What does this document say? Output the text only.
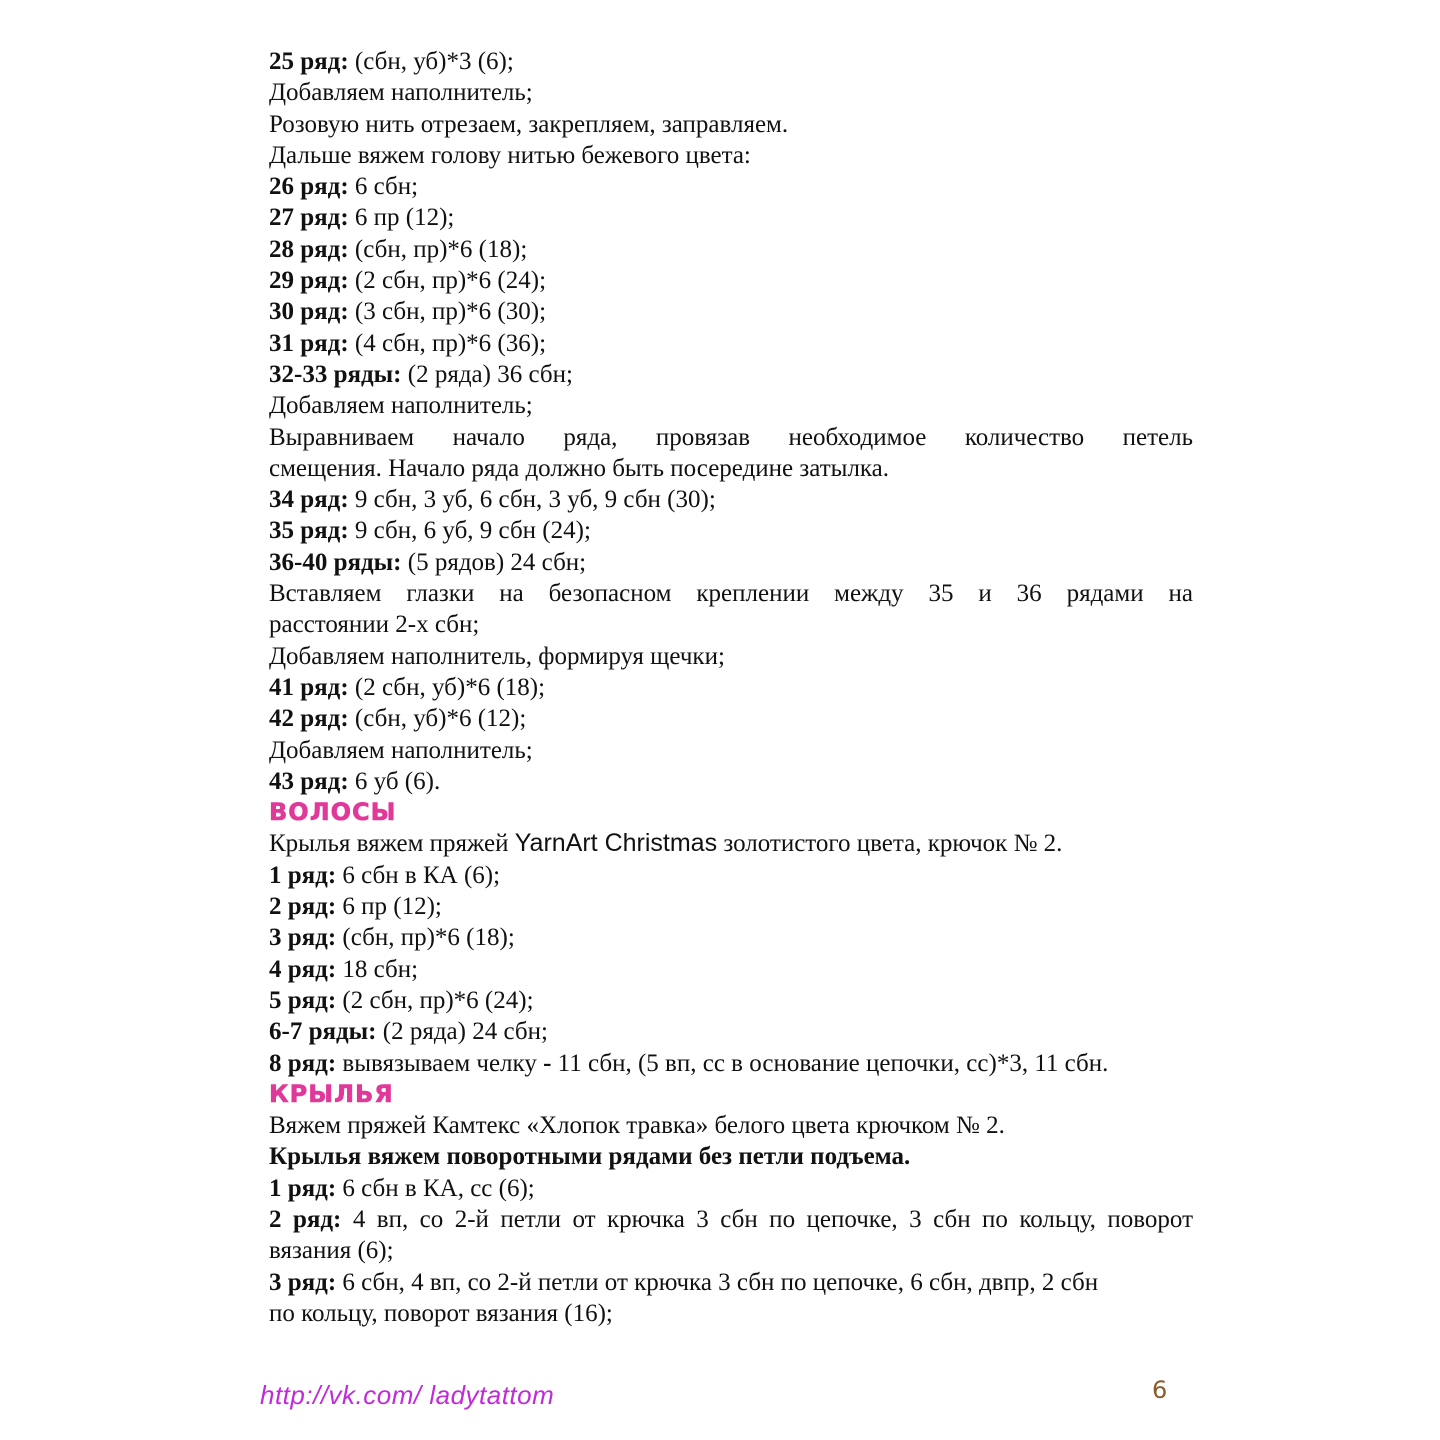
25 ряд: (сбн, уб)*3 (6);
Добавляем наполнитель;
Розовую нить отрезаем, закрепляем, заправляем.
Дальше вяжем голову нитью бежевого цвета:
26 ряд: 6 сбн;
27 ряд: 6 пр (12);
28 ряд: (сбн, пр)*6 (18);
29 ряд: (2 сбн, пр)*6 (24);
30 ряд: (3 сбн, пр)*6 (30);
31 ряд: (4 сбн, пр)*6 (36);
32-33 ряды: (2 ряда) 36 сбн;
Добавляем наполнитель;
Выравниваем начало ряда, провязав необходимое количество петель
смещения. Начало ряда должно быть посередине затылка.
34 ряд: 9 сбн, 3 уб, 6 сбн, 3 уб, 9 сбн (30);
35 ряд: 9 сбн, 6 уб, 9 сбн (24);
36-40 ряды: (5 рядов) 24 сбн;
Вставляем глазки на безопасном креплении между 35 и 36 рядами на
расстоянии 2-х сбн;
Добавляем наполнитель, формируя щечки;
41 ряд: (2 сбн, уб)*6 (18);
42 ряд: (сбн, уб)*6 (12);
Добавляем наполнитель;
43 ряд: 6 уб (6).
ВОЛОСЫ
Крылья вяжем пряжей YarnArt Christmas золотистого цвета, крючок № 2.
1 ряд: 6 сбн в КА (6);
2 ряд: 6 пр (12);
3 ряд: (сбн, пр)*6 (18);
4 ряд: 18 сбн;
5 ряд: (2 сбн, пр)*6 (24);
6-7 ряды: (2 ряда) 24 сбн;
8 ряд: вывязываем челку - 11 сбн, (5 вп, сс в основание цепочки, сс)*3, 11 сбн.
КРЫЛЬЯ
Вяжем пряжей Камтекс «Хлопок травка» белого цвета крючком № 2.
Крылья вяжем поворотными рядами без петли подъема.
1 ряд: 6 сбн в КА, сс (6);
2 ряд: 4 вп, со 2-й петли от крючка 3 сбн по цепочке, 3 сбн по кольцу, поворот
вязания (6);
3 ряд: 6 сбн, 4 вп, со 2-й петли от крючка 3 сбн по цепочке, 6 сбн, двпр, 2 сбн
по кольцу, поворот вязания (16);
http://vk.com/ ladytattom	6
